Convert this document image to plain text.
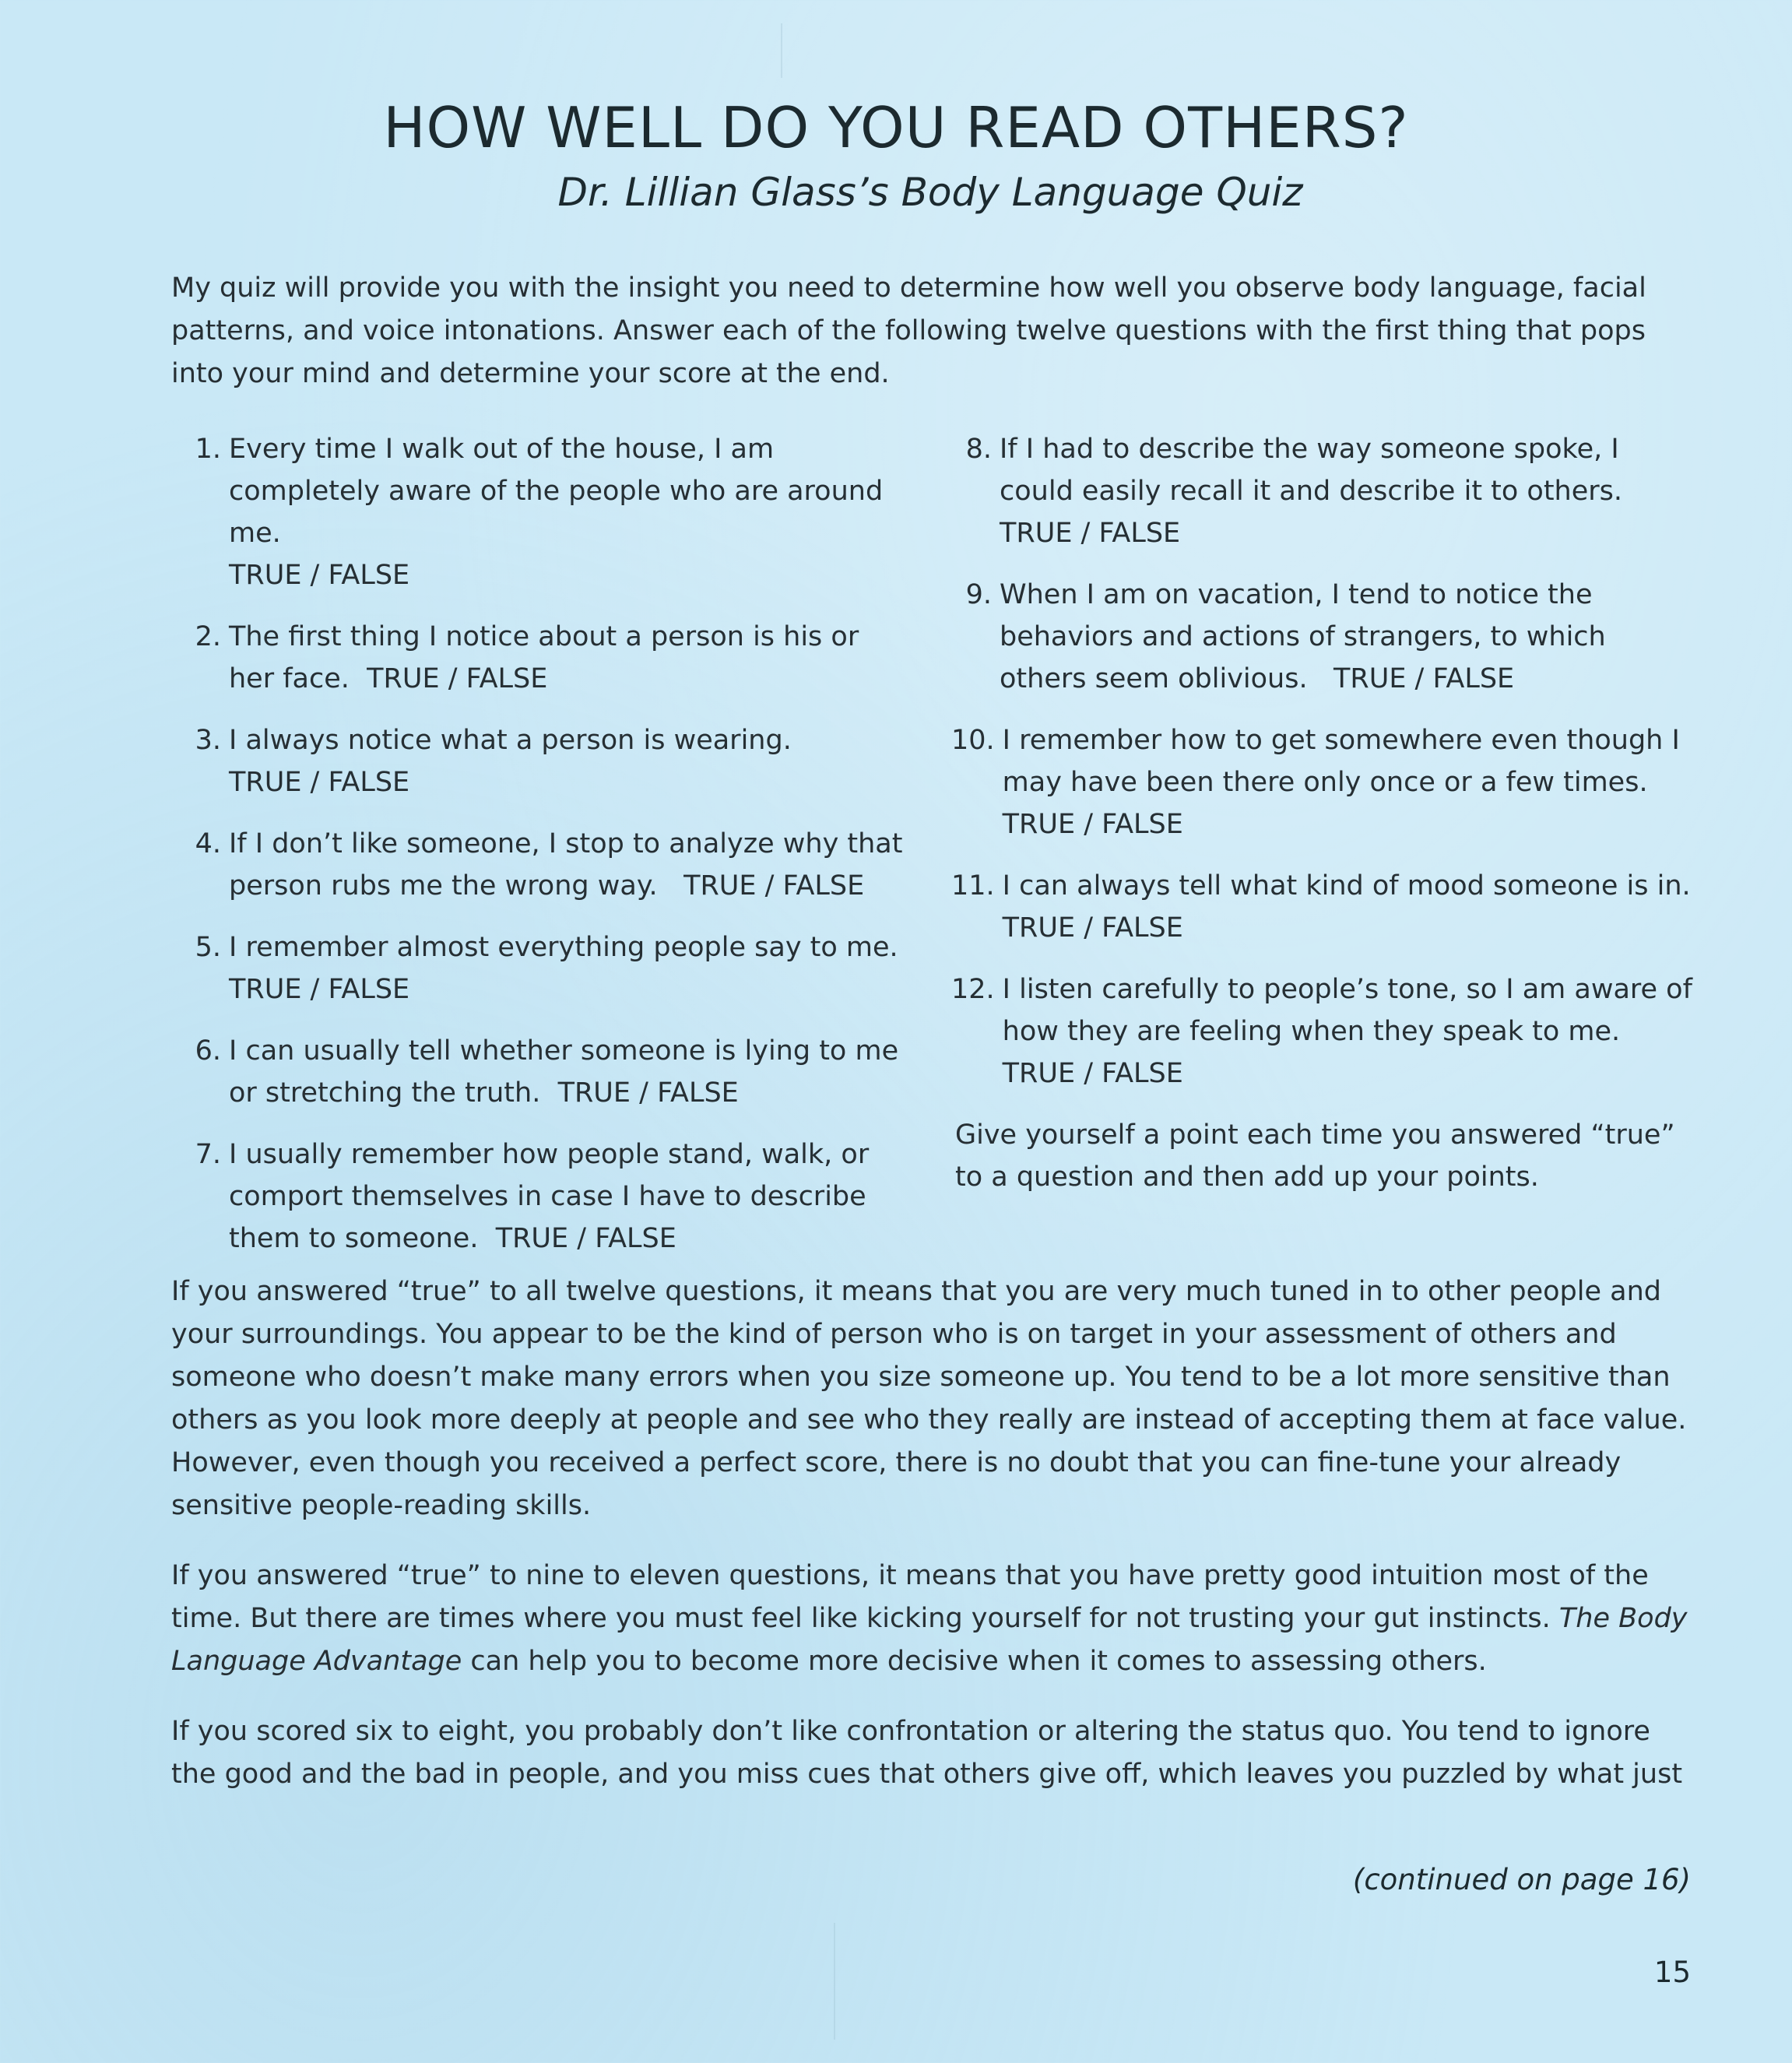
HOW WELL DO YOU READ OTHERS?
Dr. Lillian Glass’s Body Language Quiz
My quiz will provide you with the insight you need to determine how well you observe body language, facial patterns, and voice intonations. Answer each of the following twelve questions with the first thing that pops into your mind and determine your score at the end.
1. Every time I walk out of the house, I am completely aware of the people who are around me.
TRUE / FALSE
2. The first thing I notice about a person is his or her face. TRUE / FALSE
3. I always notice what a person is wearing.
TRUE / FALSE
4. If I don’t like someone, I stop to analyze why that person rubs me the wrong way. TRUE / FALSE
5. I remember almost everything people say to me.
TRUE / FALSE
6. I can usually tell whether someone is lying to me or stretching the truth. TRUE / FALSE
7. I usually remember how people stand, walk, or comport themselves in case I have to describe them to someone. TRUE / FALSE
8. If I had to describe the way someone spoke, I could easily recall it and describe it to others.
TRUE / FALSE
9. When I am on vacation, I tend to notice the behaviors and actions of strangers, to which others seem oblivious. TRUE / FALSE
10. I remember how to get somewhere even though I may have been there only once or a few times.
TRUE / FALSE
11. I can always tell what kind of mood someone is in.
TRUE / FALSE
12. I listen carefully to people’s tone, so I am aware of how they are feeling when they speak to me.
TRUE / FALSE
Give yourself a point each time you answered “true” to a question and then add up your points.

If you answered “true” to all twelve questions, it means that you are very much tuned in to other people and your surroundings. You appear to be the kind of person who is on target in your assessment of others and someone who doesn’t make many errors when you size someone up. You tend to be a lot more sensitive than others as you look more deeply at people and see who they really are instead of accepting them at face value. However, even though you received a perfect score, there is no doubt that you can fine-tune your already sensitive people-reading skills.

If you answered “true” to nine to eleven questions, it means that you have pretty good intuition most of the time. But there are times where you must feel like kicking yourself for not trusting your gut instincts. The Body Language Advantage can help you to become more decisive when it comes to assessing others.

If you scored six to eight, you probably don’t like confrontation or altering the status quo. You tend to ignore the good and the bad in people, and you miss cues that others give off, which leaves you puzzled by what just

(continued on page 16)
15
